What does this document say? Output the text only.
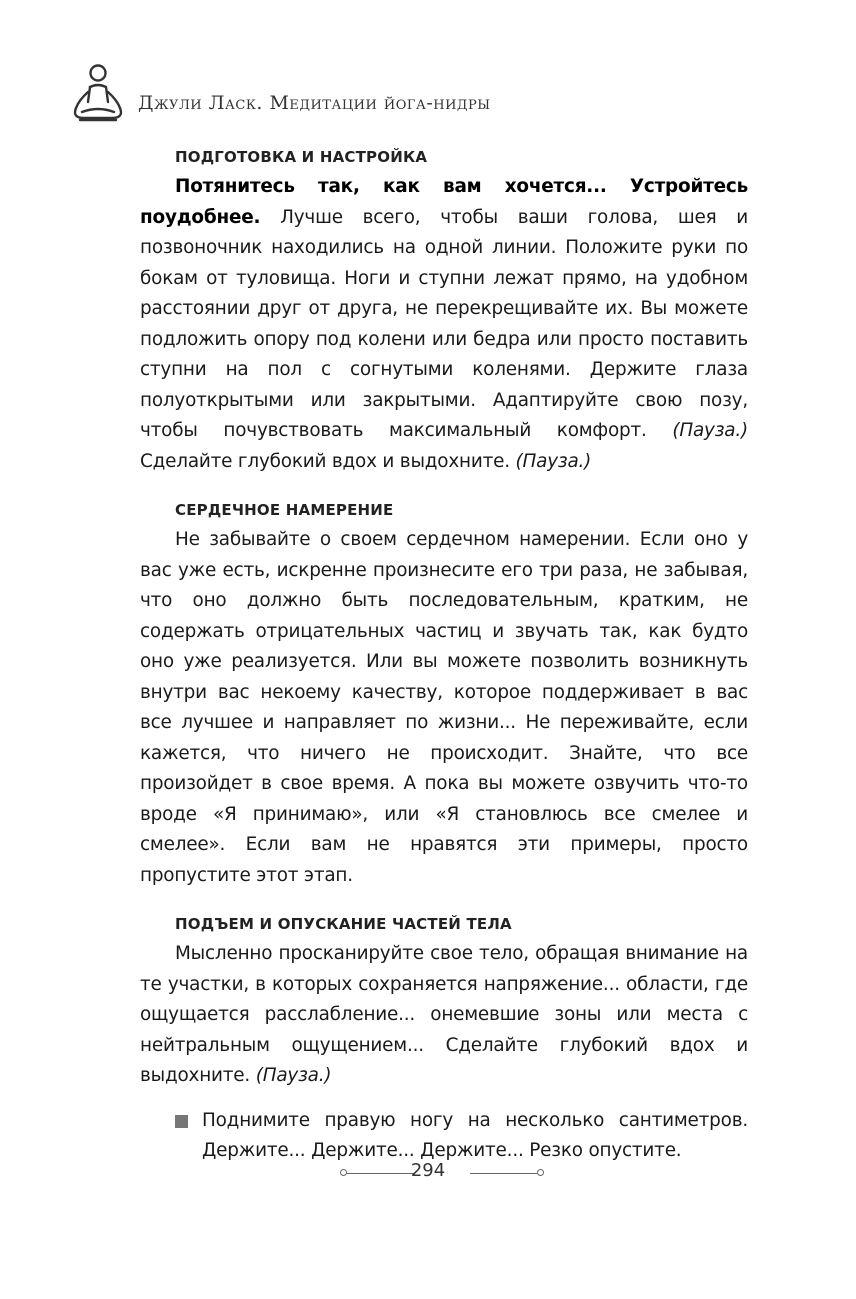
Джули Ласк. Медитации йога-нидры
ПОДГОТОВКА И НАСТРОЙКА

Потянитесь так, как вам хочется... Устройтесь поудобнее. Лучше всего, чтобы ваши голова, шея и позвоночник находились на одной линии. Положите руки по бокам от туловища. Ноги и ступни лежат прямо, на удобном расстоянии друг от друга, не перекрещивайте их. Вы можете подложить опору под колени или бедра или просто поставить ступни на пол с согнутыми коленями. Держите глаза полуоткрытыми или закрытыми. Адаптируйте свою позу, чтобы почувствовать максимальный комфорт. (Пауза.) Сделайте глубокий вдох и выдохните. (Пауза.)

СЕРДЕЧНОЕ НАМЕРЕНИЕ

Не забывайте о своем сердечном намерении. Если оно у вас уже есть, искренне произнесите его три раза, не забывая, что оно должно быть последовательным, кратким, не содержать отрицательных частиц и звучать так, как будто оно уже реализуется. Или вы можете позволить возникнуть внутри вас некоему качеству, которое поддерживает в вас все лучшее и направляет по жизни... Не переживайте, если кажется, что ничего не происходит. Знайте, что все произойдет в свое время. А пока вы можете озвучить что-то вроде «Я принимаю», или «Я становлюсь все смелее и смелее». Если вам не нравятся эти примеры, просто пропустите этот этап.

ПОДЪЕМ И ОПУСКАНИЕ ЧАСТЕЙ ТЕЛА

Мысленно просканируйте свое тело, обращая внимание на те участки, в которых сохраняется напряжение... области, где ощущается расслабление... онемевшие зоны или места с нейтральным ощущением... Сделайте глубокий вдох и выдохните. (Пауза.)

Поднимите правую ногу на несколько сантиметров. Держите... Держите... Держите... Резко опустите.
294
